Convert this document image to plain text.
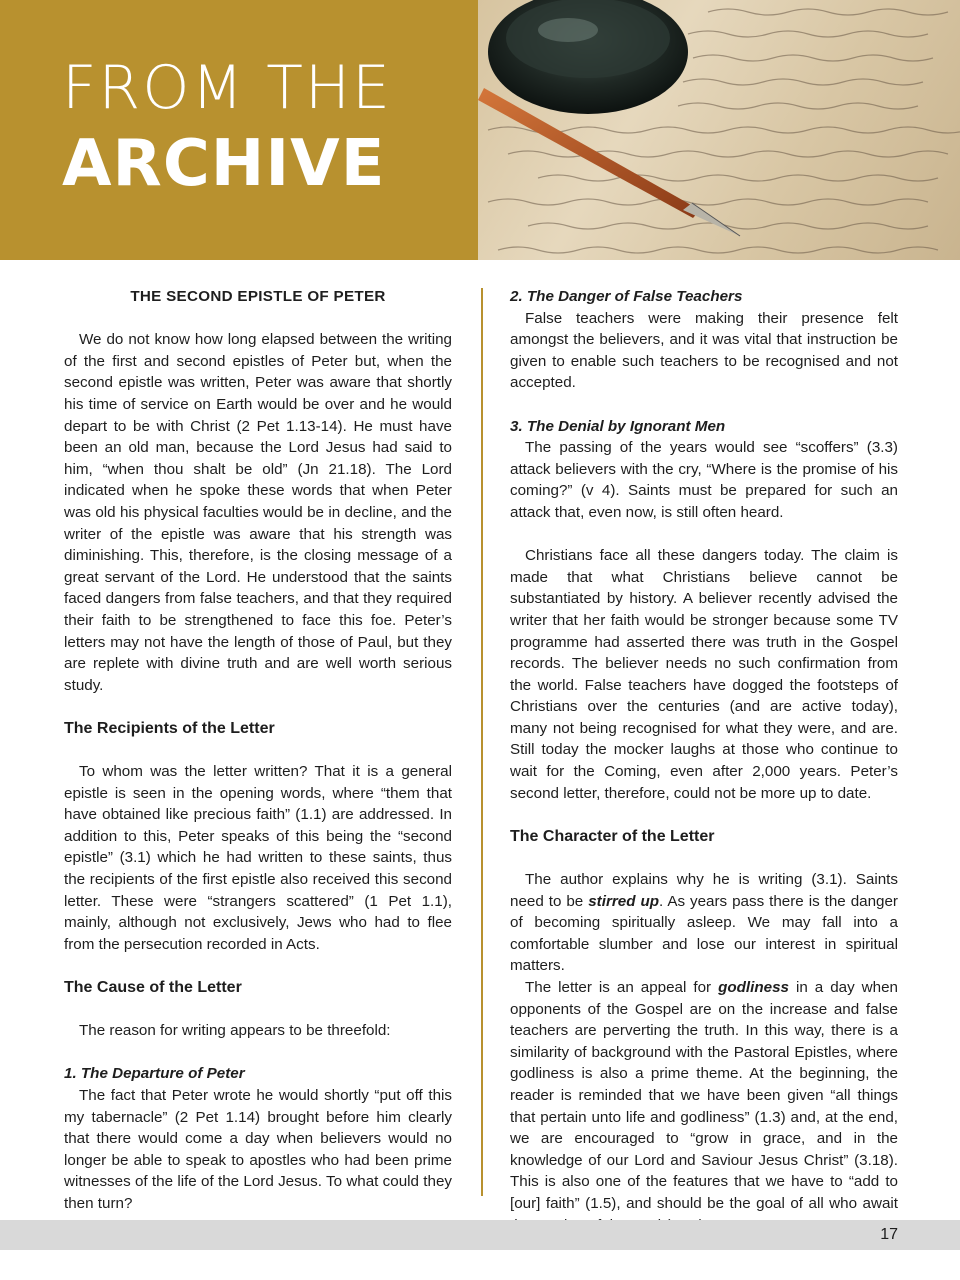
FROM THE
ARCHIVE
THE SECOND EPISTLE OF PETER

We do not know how long elapsed between the writing of the first and second epistles of Peter but, when the second epistle was written, Peter was aware that shortly his time of service on Earth would be over and he would depart to be with Christ (2 Pet 1.13-14). He must have been an old man, because the Lord Jesus had said to him, “when thou shalt be old” (Jn 21.18). The Lord indicated when he spoke these words that when Peter was old his physical faculties would be in decline, and the writer of the epistle was aware that his strength was diminishing. This, therefore, is the closing message of a great servant of the Lord. He understood that the saints faced dangers from false teachers, and that they required their faith to be strengthened to face this foe. Peter’s letters may not have the length of those of Paul, but they are replete with divine truth and are well worth serious study.

The Recipients of the Letter

To whom was the letter written? That it is a general epistle is seen in the opening words, where “them that have obtained like precious faith” (1.1) are addressed. In addition to this, Peter speaks of this being the “second epistle” (3.1) which he had written to these saints, thus the recipients of the first epistle also received this second letter. These were “strangers scattered” (1 Pet 1.1), mainly, although not exclusively, Jews who had to flee from the persecution recorded in Acts.

The Cause of the Letter

The reason for writing appears to be threefold:

1. The Departure of Peter

The fact that Peter wrote he would shortly “put off this my tabernacle” (2 Pet 1.14) brought before him clearly that there would come a day when believers would no longer be able to speak to apostles who had been prime witnesses of the life of the Lord Jesus. To what could they then turn?

2. The Danger of False Teachers

False teachers were making their presence felt amongst the believers, and it was vital that instruction be given to enable such teachers to be recognised and not accepted.

3. The Denial by Ignorant Men

The passing of the years would see “scoffers” (3.3) attack believers with the cry, “Where is the promise of his coming?” (v 4). Saints must be prepared for such an attack that, even now, is still often heard.

Christians face all these dangers today. The claim is made that what Christians believe cannot be substantiated by history. A believer recently advised the writer that her faith would be stronger because some TV programme had asserted there was truth in the Gospel records. The believer needs no such confirmation from the world. False teachers have dogged the footsteps of Christians over the centuries (and are active today), many not being recognised for what they were, and are. Still today the mocker laughs at those who continue to wait for the Coming, even after 2,000 years. Peter’s second letter, therefore, could not be more up to date.

The Character of the Letter

The author explains why he is writing (3.1). Saints need to be stirred up. As years pass there is the danger of becoming spiritually asleep. We may fall into a comfortable slumber and lose our interest in spiritual matters.

The letter is an appeal for godliness in a day when opponents of the Gospel are on the increase and false teachers are perverting the truth. In this way, there is a similarity of background with the Pastoral Epistles, where godliness is also a prime theme. At the beginning, the reader is reminded that we have been given “all things that pertain unto life and godliness” (1.3) and, at the end, we are encouraged to “grow in grace, and in the knowledge of our Lord and Saviour Jesus Christ” (3.18). This is also one of the features that we have to “add to [our] faith” (1.5), and should be the goal of all who await

17
